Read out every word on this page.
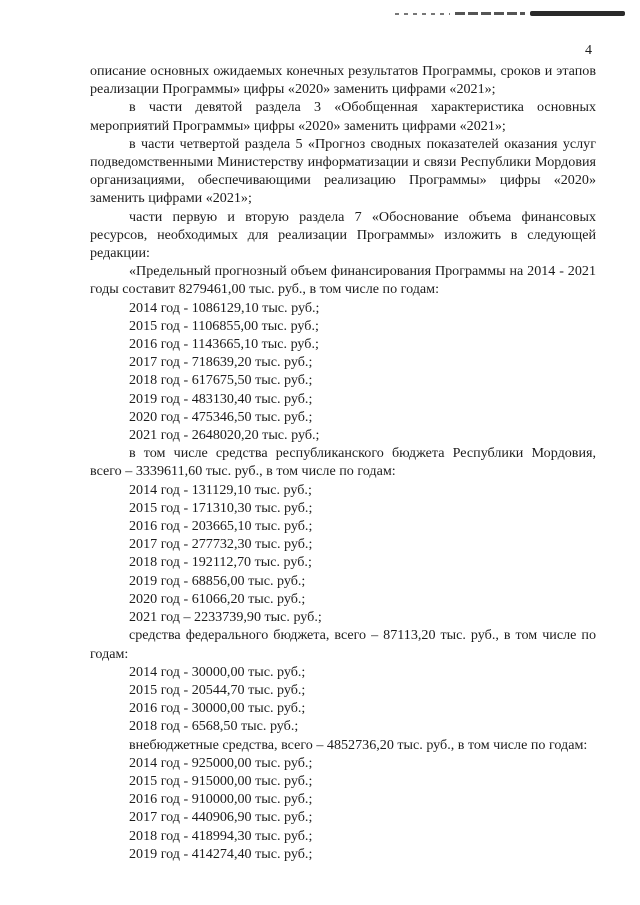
4

описание основных ожидаемых конечных результатов Программы, сроков и этапов реализации Программы» цифры «2020» заменить цифрами «2021»;

в части девятой раздела 3 «Обобщенная характеристика основных мероприятий Программы» цифры «2020» заменить цифрами «2021»;

в части четвертой раздела 5 «Прогноз сводных показателей оказания услуг подведомственными Министерству информатизации и связи Республики Мордовия организациями, обеспечивающими реализацию Программы» цифры «2020» заменить цифрами «2021»;

части первую и вторую раздела 7 «Обоснование объема финансовых ресурсов, необходимых для реализации Программы» изложить в следующей редакции:

«Предельный прогнозный объем финансирования Программы на 2014 - 2021 годы составит 8279461,00 тыс. руб., в том числе по годам:

2014 год - 1086129,10 тыс. руб.;

2015 год - 1106855,00 тыс. руб.;

2016 год - 1143665,10 тыс. руб.;

2017 год - 718639,20 тыс. руб.;

2018 год - 617675,50 тыс. руб.;

2019 год - 483130,40 тыс. руб.;

2020 год - 475346,50 тыс. руб.;

2021 год - 2648020,20 тыс. руб.;

в том числе средства республиканского бюджета Республики Мордовия, всего – 3339611,60 тыс. руб., в том числе по годам:

2014 год - 131129,10 тыс. руб.;

2015 год - 171310,30 тыс. руб.;

2016 год - 203665,10 тыс. руб.;

2017 год - 277732,30 тыс. руб.;

2018 год - 192112,70 тыс. руб.;

2019 год - 68856,00 тыс. руб.;

2020 год - 61066,20 тыс. руб.;

2021 год – 2233739,90 тыс. руб.;

средства федерального бюджета, всего – 87113,20 тыс. руб., в том числе по годам:

2014 год - 30000,00 тыс. руб.;

2015 год - 20544,70 тыс. руб.;

2016 год - 30000,00 тыс. руб.;

2018 год - 6568,50 тыс. руб.;

внебюджетные средства, всего – 4852736,20 тыс. руб., в том числе по годам:

2014 год - 925000,00 тыс. руб.;

2015 год - 915000,00 тыс. руб.;

2016 год - 910000,00 тыс. руб.;

2017 год - 440906,90 тыс. руб.;

2018 год - 418994,30 тыс. руб.;

2019 год - 414274,40 тыс. руб.;
